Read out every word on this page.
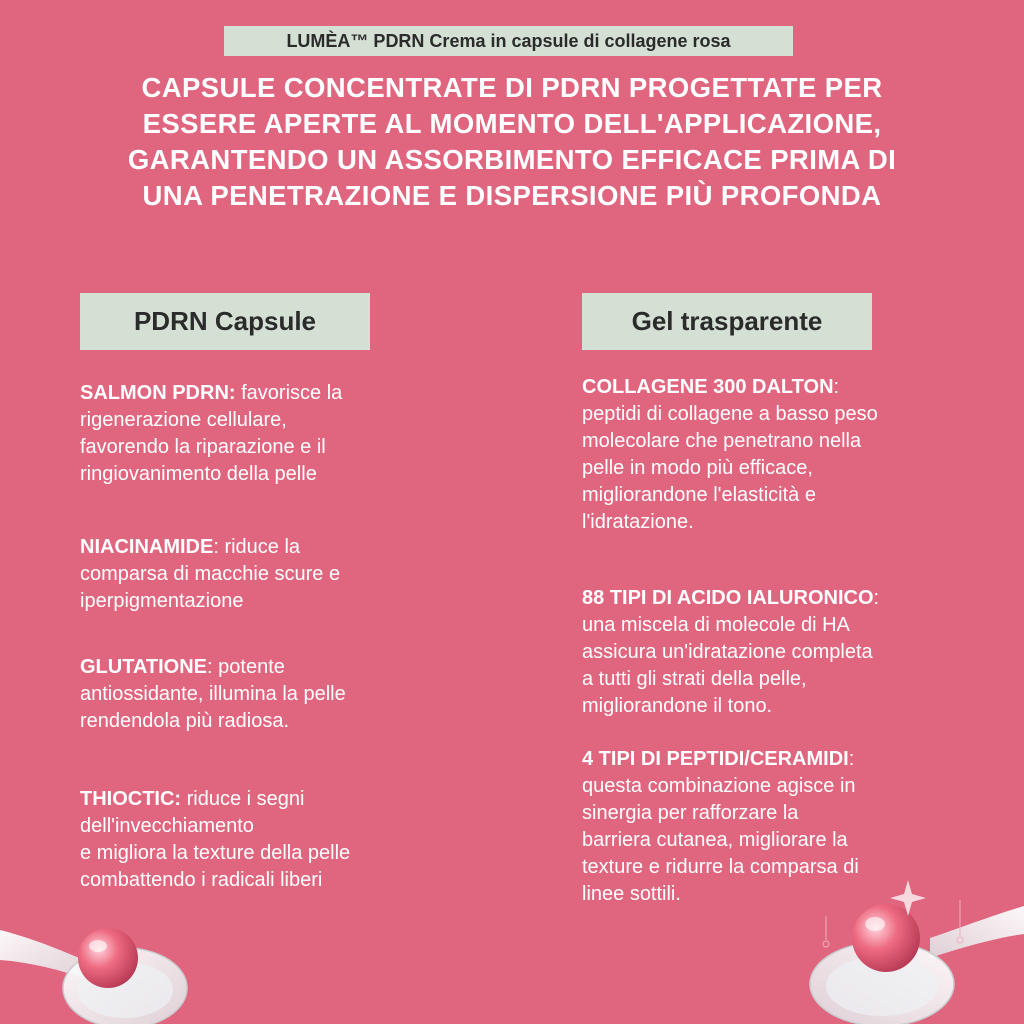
LUMÈA™ PDRN Crema in capsule di collagene rosa
CAPSULE CONCENTRATE DI PDRN PROGETTATE PER
ESSERE APERTE AL MOMENTO DELL'APPLICAZIONE,
GARANTENDO UN ASSORBIMENTO EFFICACE PRIMA DI
UNA PENETRAZIONE E DISPERSIONE PIÙ PROFONDA
PDRN Capsule	Gel trasparente
SALMON PDRN: favorisce la
rigenerazione cellulare,
favorendo la riparazione e il
ringiovanimento della pelle
NIACINAMIDE: riduce la
comparsa di macchie scure e
iperpigmentazione
GLUTATIONE: potente
antiossidante, illumina la pelle
rendendola più radiosa.
THIOCTIC: riduce i segni
dell'invecchiamento
e migliora la texture della pelle
combattendo i radicali liberi
COLLAGENE 300 DALTON:
peptidi di collagene a basso peso
molecolare che penetrano nella
pelle in modo più efficace,
migliorandone l'elasticità e
l'idratazione.
88 TIPI DI ACIDO IALURONICO:
una miscela di molecole di HA
assicura un'idratazione completa
a tutti gli strati della pelle,
migliorandone il tono.
4 TIPI DI PEPTIDI/CERAMIDI:
questa combinazione agisce in
sinergia per rafforzare la
barriera cutanea, migliorare la
texture e ridurre la comparsa di
linee sottili.
